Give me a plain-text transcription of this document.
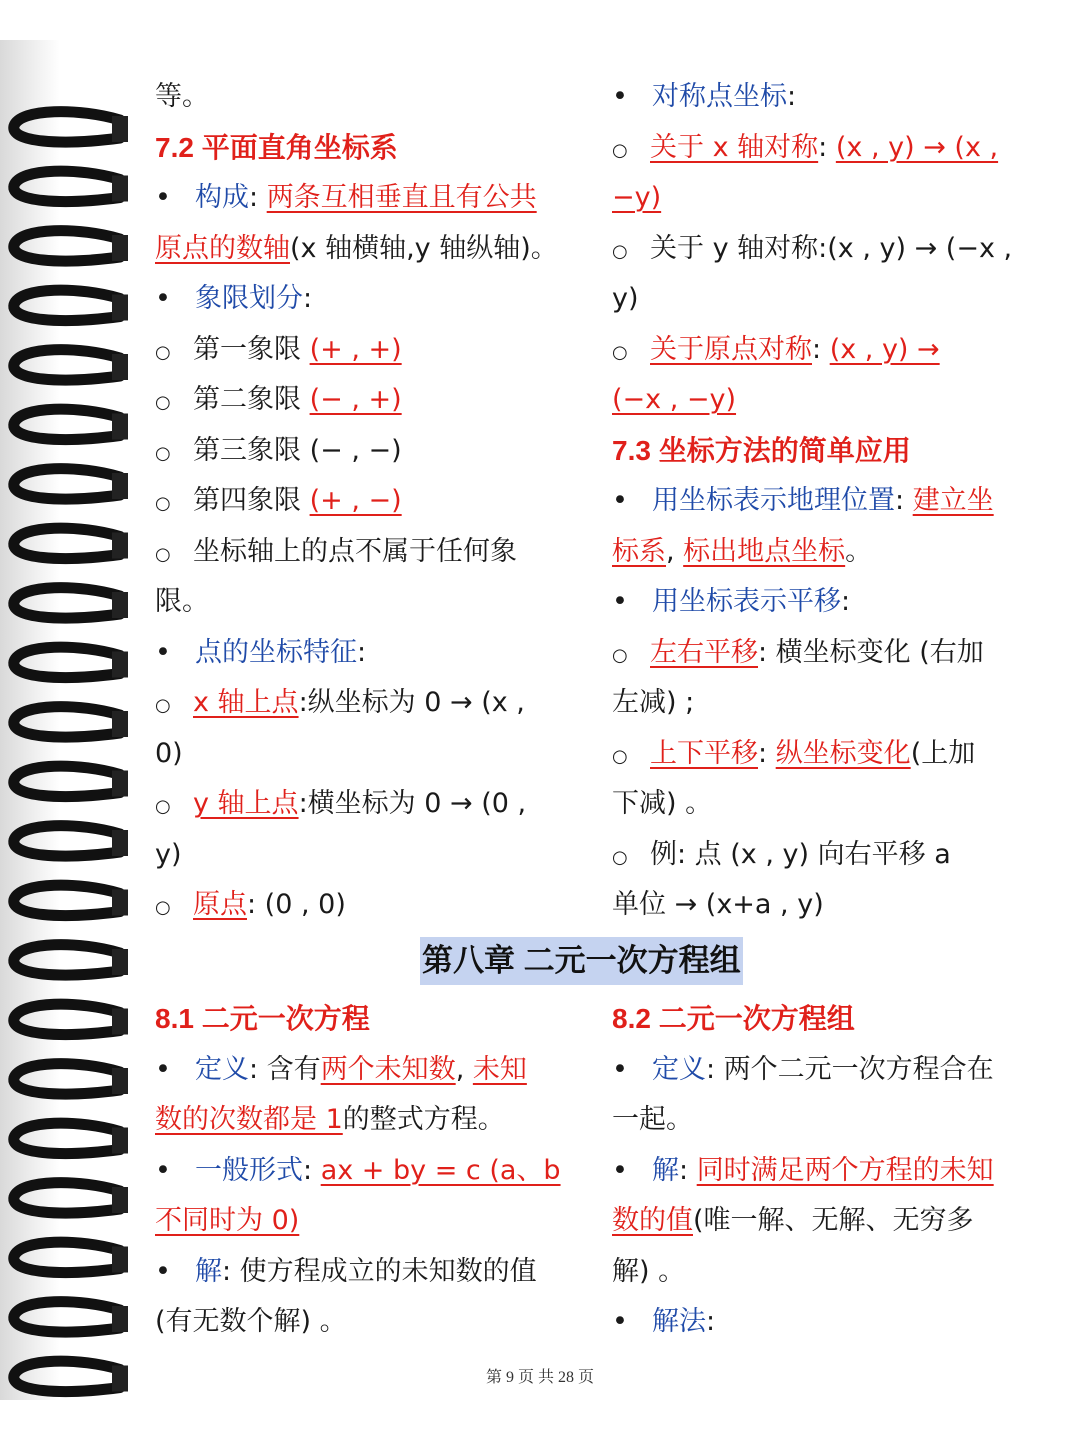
等。
7.2 平面直角坐标系
• 构成: 两条互相垂直且有公共
原点的数轴(x 轴横轴,y 轴纵轴)。
• 象限划分:
○ 第一象限 (+ , +)
○ 第二象限 (− , +)
○ 第三象限 (− , −)
○ 第四象限 (+ , −)
○ 坐标轴上的点不属于任何象
限。
• 点的坐标特征:
○ x 轴上点:纵坐标为 0 → (x ,
0)
○ y 轴上点:横坐标为 0 → (0 ,
y)
○ 原点: (0 , 0)
• 对称点坐标:
○ 关于 x 轴对称: (x , y) → (x ,
−y)
○ 关于 y 轴对称:(x , y) → (−x ,
y)
○ 关于原点对称: (x , y) →
(−x , −y)
7.3 坐标方法的简单应用
• 用坐标表示地理位置: 建立坐
标系, 标出地点坐标。
• 用坐标表示平移:
○ 左右平移: 横坐标变化 (右加
左减) ;
○ 上下平移: 纵坐标变化(上加
下减) 。
○ 例: 点 (x , y) 向右平移 a
单位 → (x+a , y)
第八章 二元一次方程组
8.1 二元一次方程
• 定义: 含有两个未知数, 未知
数的次数都是 1的整式方程。
• 一般形式: ax + by = c (a、b
不同时为 0)
• 解: 使方程成立的未知数的值
(有无数个解) 。
8.2 二元一次方程组
• 定义: 两个二元一次方程合在
一起。
• 解: 同时满足两个方程的未知
数的值(唯一解、无解、无穷多
解) 。
• 解法:
第 9 页 共 28 页
